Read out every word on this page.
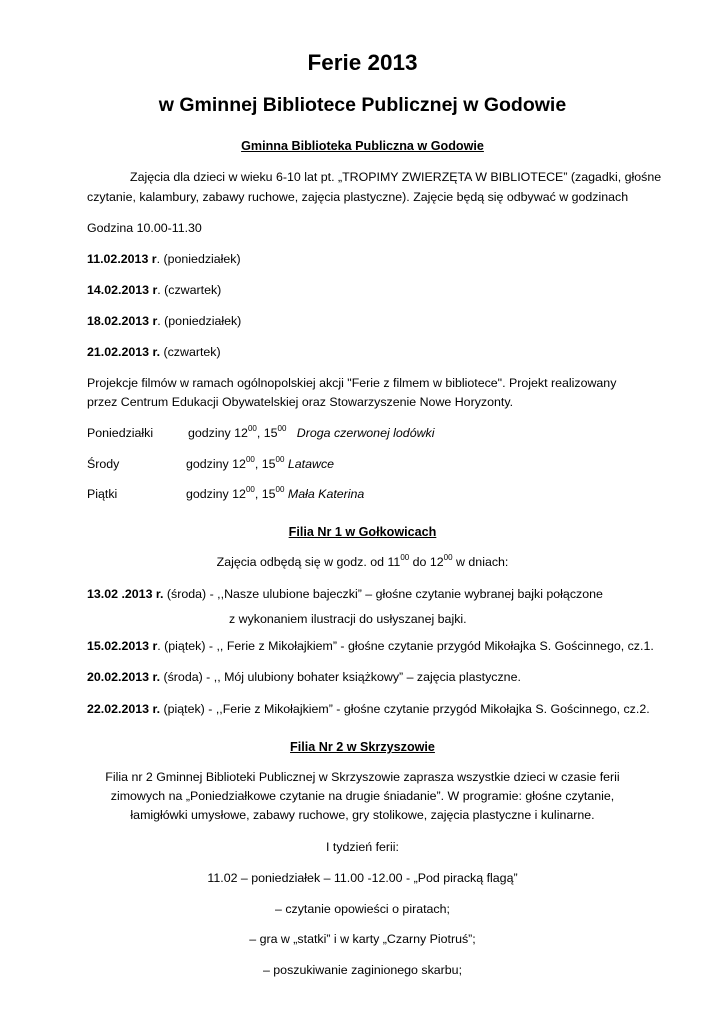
Ferie 2013
w Gminnej Bibliotece Publicznej w Godowie
Gminna Biblioteka Publiczna w Godowie
Zajęcia dla dzieci w wieku 6-10 lat pt. „TROPIMY ZWIERZĘTA W BIBLIOTECE” (zagadki, głośne
czytanie, kalambury, zabawy ruchowe, zajęcia plastyczne). Zajęcie będą się odbywać w godzinach
Godzina 10.00-11.30
11.02.2013 r. (poniedziałek)
14.02.2013 r. (czwartek)
18.02.2013 r. (poniedziałek)
21.02.2013 r. (czwartek)
Projekcje filmów w ramach ogólnopolskiej akcji "Ferie z filmem w bibliotece". Projekt realizowany
przez Centrum Edukacji Obywatelskiej oraz Stowarzyszenie Nowe Horyzonty.
Poniedziałki	godziny $12^{00}$, $15^{00}$ Droga czerwonej lodówki
Środy	godziny $12^{00}$, $15^{00}$ Latawce
Piątki	godziny $12^{00}$, $15^{00}$ Mała Katerina
Filia Nr 1 w Gołkowicach
Zajęcia odbędą się w godz. od $11^{00}$ do $12^{00}$ w dniach:
13.02 .2013 r. (środa) - ,,Nasze ulubione bajeczki” – głośne czytanie wybranej bajki połączone
z wykonaniem ilustracji do usłyszanej bajki.
15.02.2013 r. (piątek) - ,, Ferie z Mikołajkiem” - głośne czytanie przygód Mikołajka S. Gościnnego, cz.1.
20.02.2013 r. (środa) - ,, Mój ulubiony bohater książkowy” – zajęcia plastyczne.
22.02.2013 r. (piątek) - ,,Ferie z Mikołajkiem” - głośne czytanie przygód Mikołajka S. Gościnnego, cz.2.
Filia Nr 2 w Skrzyszowie
Filia nr 2 Gminnej Biblioteki Publicznej w Skrzyszowie zaprasza wszystkie dzieci w czasie ferii
zimowych na „Poniedziałkowe czytanie na drugie śniadanie”. W programie: głośne czytanie,
łamigłówki umysłowe, zabawy ruchowe, gry stolikowe, zajęcia plastyczne i kulinarne.
I tydzień ferii:
11.02 – poniedziałek – 11.00 -12.00 - „Pod piracką flagą”
– czytanie opowieści o piratach;
– gra w „statki” i w karty „Czarny Piotruś”;
– poszukiwanie zaginionego skarbu;
